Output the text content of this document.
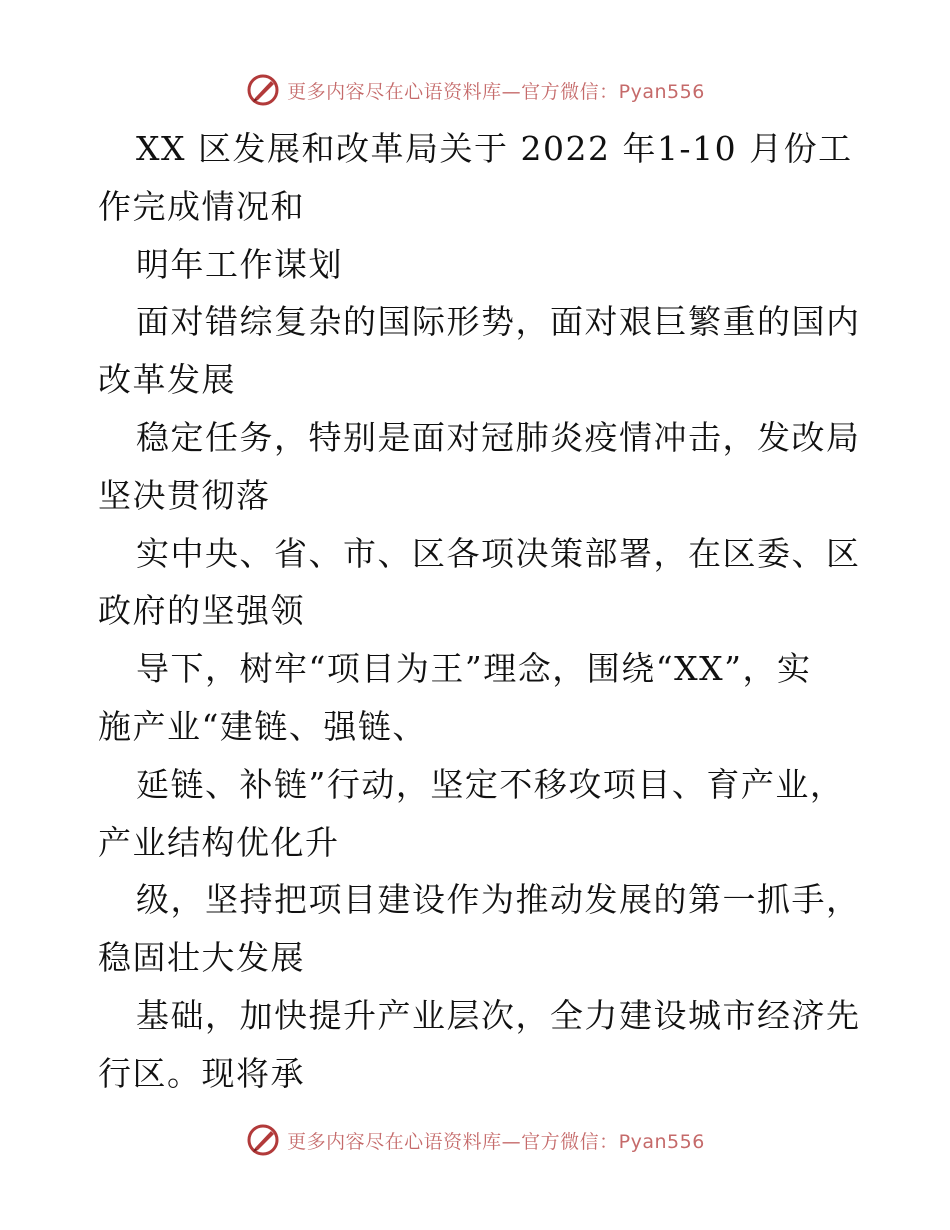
更多内容尽在心语资料库—官方微信：Pyan556
XX 区发展和改革局关于 2022 年1-10 月份工
作完成情况和
明年工作谋划
面对错综复杂的国际形势，面对艰巨繁重的国内
改革发展
稳定任务，特别是面对冠肺炎疫情冲击，发改局
坚决贯彻落
实中央、省、市、区各项决策部署，在区委、区
政府的坚强领
导下，树牢“项目为王”理念，围绕“XX”，实
施产业“建链、强链、
延链、补链”行动，坚定不移攻项目、育产业，
产业结构优化升
级，坚持把项目建设作为推动发展的第一抓手，
稳固壮大发展
基础，加快提升产业层次，全力建设城市经济先
行区。现将承
更多内容尽在心语资料库—官方微信：Pyan556
